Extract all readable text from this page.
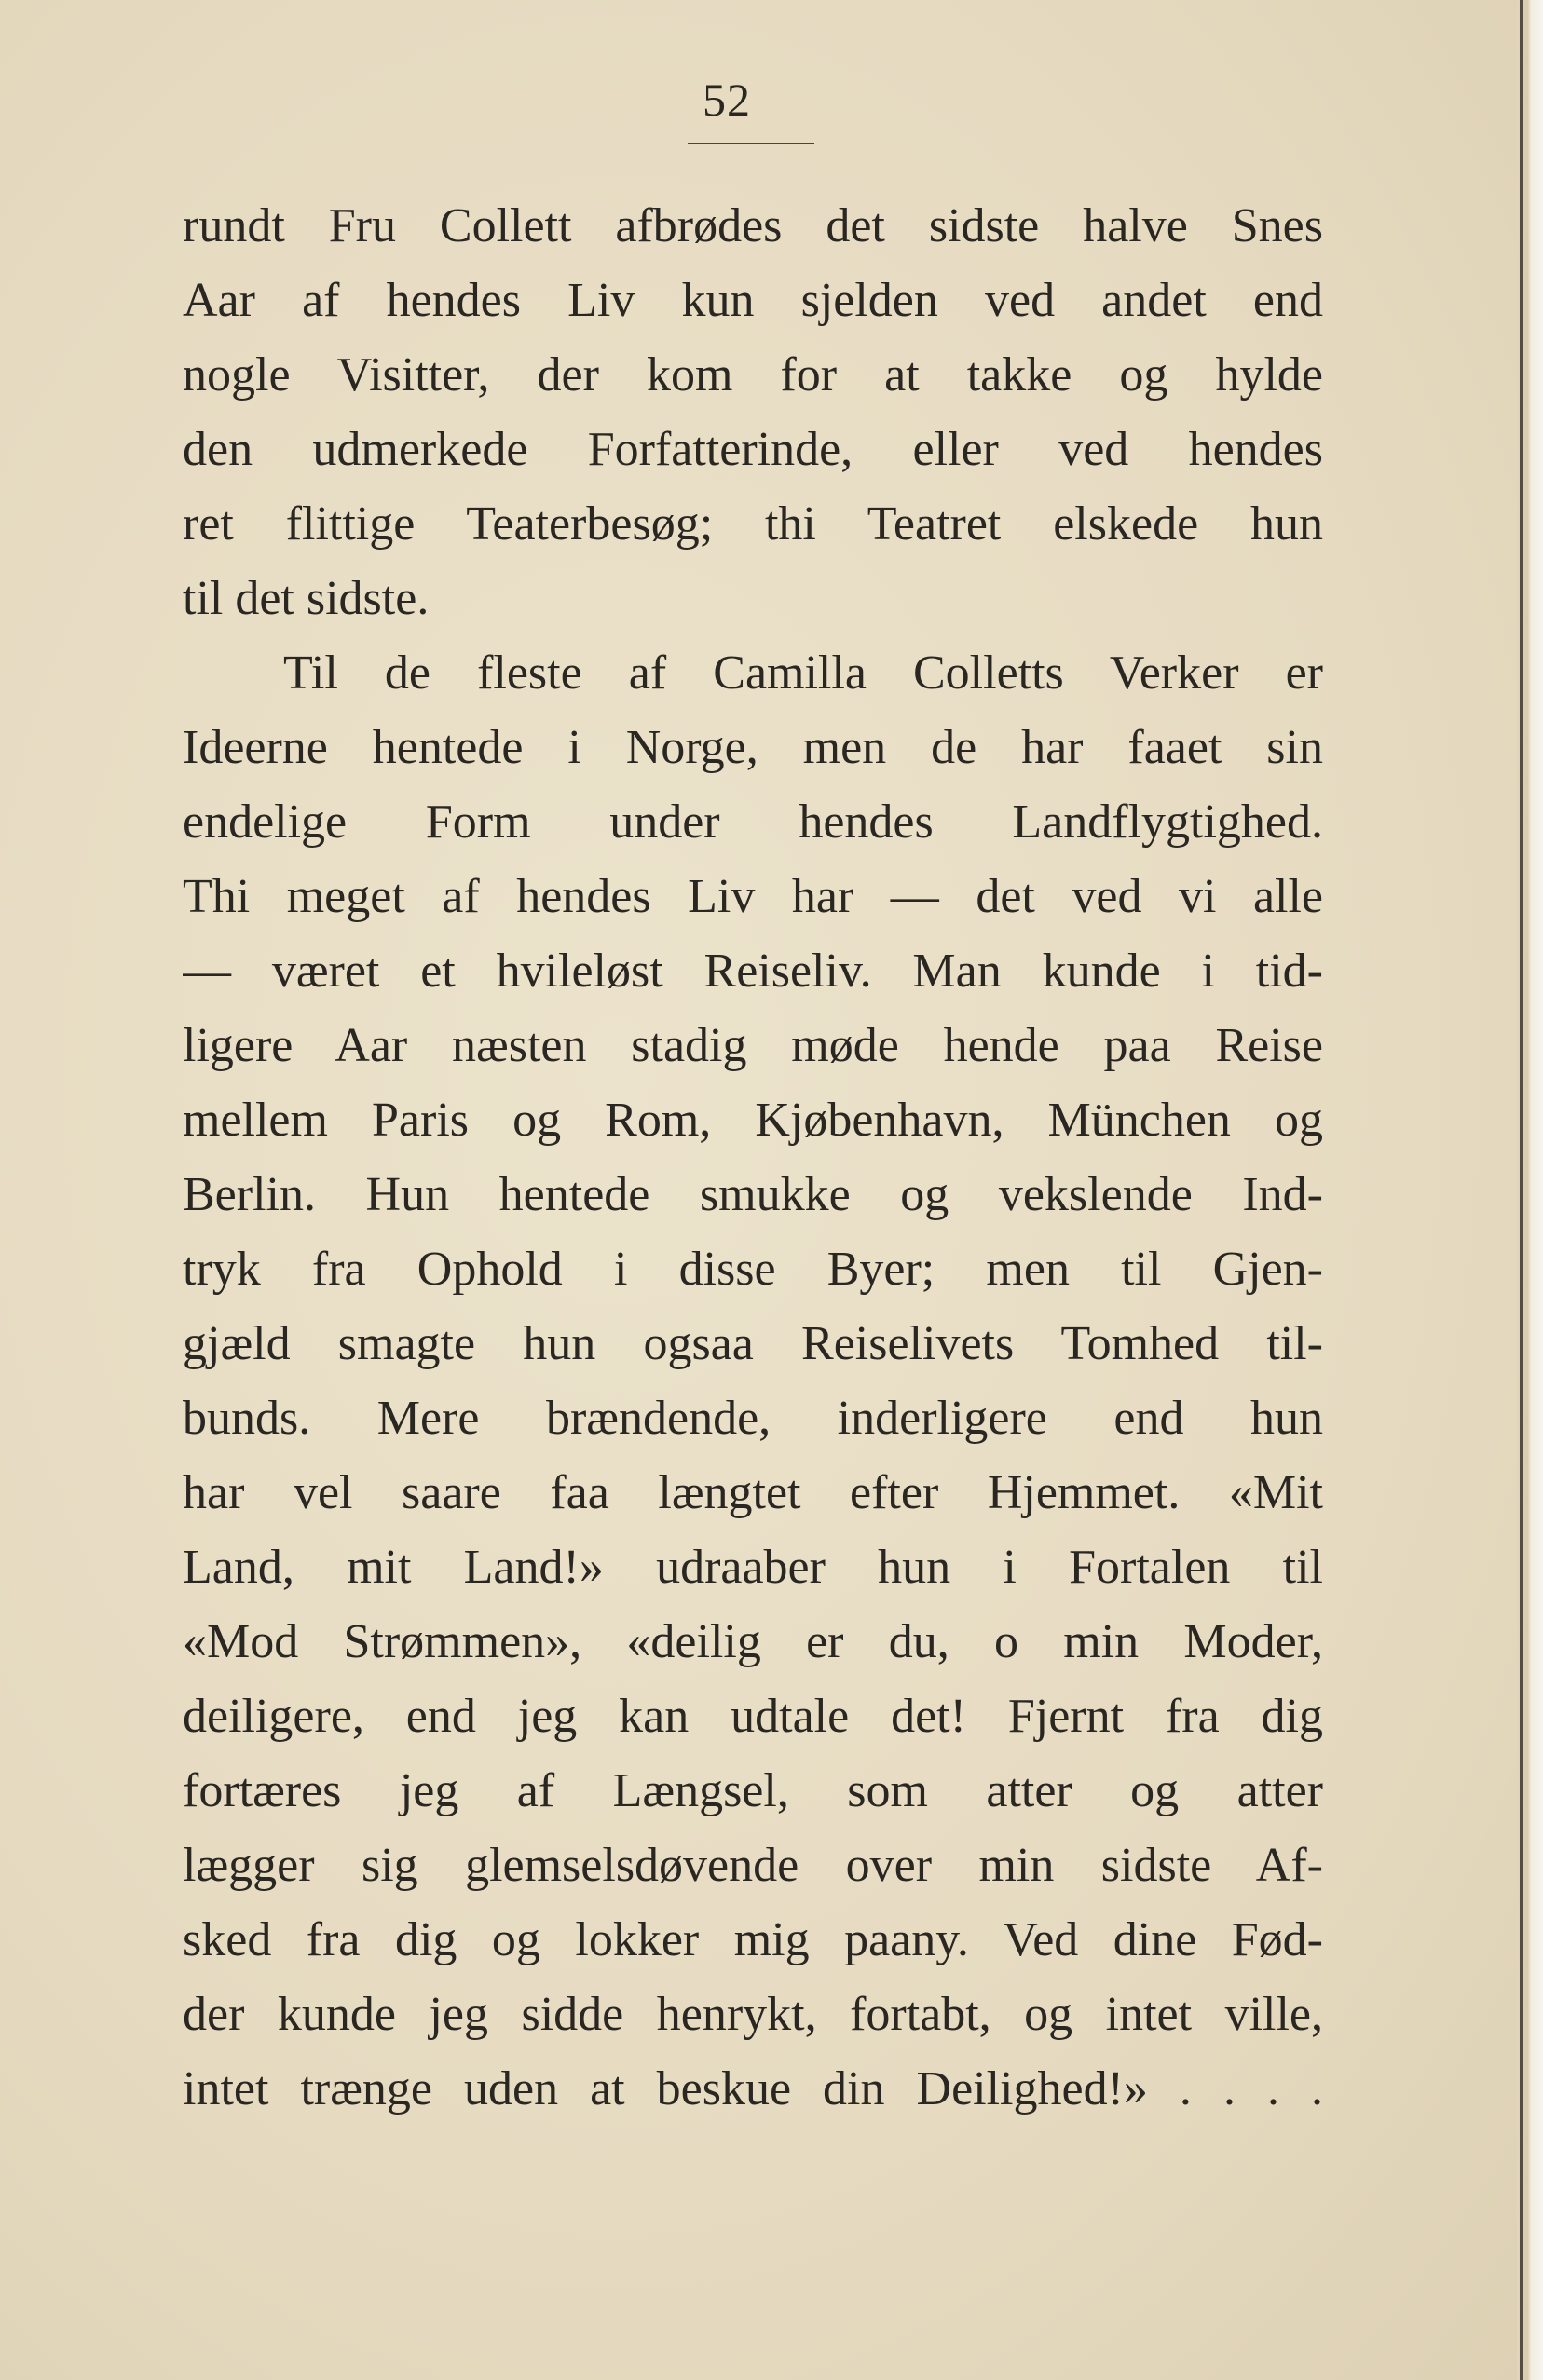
52
rundt Fru Collett afbrødes det sidste halve Snes
Aar af hendes Liv kun sjelden ved andet end
nogle Visitter, der kom for at takke og hylde
den udmerkede Forfatterinde, eller ved hendes
ret flittige Teaterbesøg; thi Teatret elskede hun
til det sidste.
Til de fleste af Camilla Colletts Verker er
Ideerne hentede i Norge, men de har faaet sin
endelige Form under hendes Landflygtighed.
Thi meget af hendes Liv har — det ved vi alle
— været et hvileløst Reiseliv. Man kunde i tid-
ligere Aar næsten stadig møde hende paa Reise
mellem Paris og Rom, Kjøbenhavn, München og
Berlin. Hun hentede smukke og vekslende Ind-
tryk fra Ophold i disse Byer; men til Gjen-
gjæld smagte hun ogsaa Reiselivets Tomhed til-
bunds. Mere brændende, inderligere end hun
har vel saare faa længtet efter Hjemmet. «Mit
Land, mit Land!» udraaber hun i Fortalen til
«Mod Strømmen», «deilig er du, o min Moder,
deiligere, end jeg kan udtale det! Fjernt fra dig
fortæres jeg af Længsel, som atter og atter
lægger sig glemselsdøvende over min sidste Af-
sked fra dig og lokker mig paany. Ved dine Fød-
der kunde jeg sidde henrykt, fortabt, og intet ville,
intet trænge uden at beskue din Deilighed!» . . . .
